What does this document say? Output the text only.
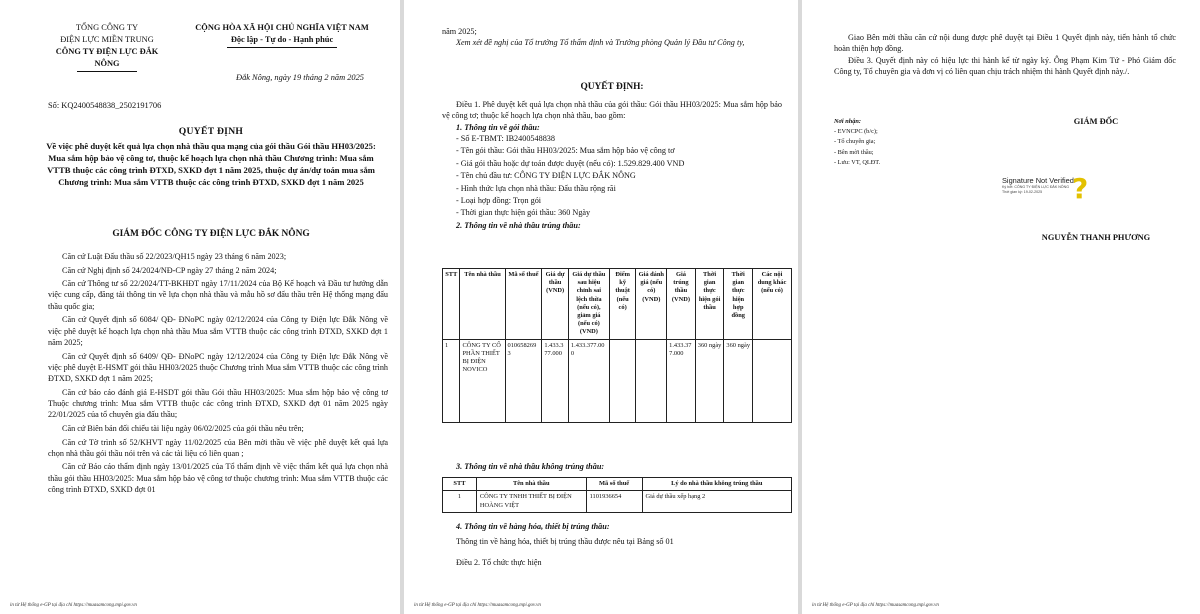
TỔNG CÔNG TY
ĐIỆN LỰC MIỀN TRUNG
CÔNG TY ĐIỆN LỰC ĐẮK
NÔNG
CỘNG HÒA XÃ HỘI CHỦ NGHĨA VIỆT NAM
Độc lập - Tự do - Hạnh phúc
Đắk Nông, ngày 19 tháng 2 năm 2025
Số: KQ2400548838_2502191706
QUYẾT ĐỊNH
Về việc phê duyệt kết quả lựa chọn nhà thầu qua mạng của gói thầu Gói thầu HH03/2025: Mua sắm hộp bảo vệ công tơ, thuộc kế hoạch lựa chọn nhà thầu Chương trình: Mua sắm VTTB thuộc các công trình ĐTXD, SXKD đợt 1 năm 2025, thuộc dự án/dự toán mua sắm Chương trình: Mua sắm VTTB thuộc các công trình ĐTXD, SXKD đợt 1 năm 2025
GIÁM ĐỐC CÔNG TY ĐIỆN LỰC ĐẮK NÔNG

Căn cứ Luật Đấu thầu số 22/2023/QH15 ngày 23 tháng 6 năm 2023;

Căn cứ Nghị định số 24/2024/NĐ-CP ngày 27 tháng 2 năm 2024;

Căn cứ Thông tư số 22/2024/TT-BKHĐT ngày 17/11/2024 của Bộ Kế hoạch và Đầu tư hướng dẫn việc cung cấp, đăng tải thông tin về lựa chọn nhà thầu và mẫu hồ sơ đấu thầu trên Hệ thống mạng đấu thầu quốc gia;

Căn cứ Quyết định số 6084/ QĐ- ĐNoPC ngày 02/12/2024 của Công ty Điện lực Đắk Nông về việc phê duyệt kế hoạch lựa chọn nhà thầu Mua sắm VTTB thuộc các công trình ĐTXD, SXKD đợt 1 năm 2025;

Căn cứ Quyết định số 6409/ QĐ- ĐNoPC ngày 12/12/2024 của Công ty Điện lực Đắk Nông về việc phê duyệt E-HSMT gói thầu HH03/2025 thuộc Chương trình Mua sắm VTTB thuộc các công trình ĐTXD, SXKD đợt 1 năm 2025;

Căn cứ báo cáo đánh giá E-HSDT gói thầu Gói thầu HH03/2025: Mua sắm hộp bảo vệ công tơ Thuộc chương trình: Mua sắm VTTB thuộc các công trình ĐTXD, SXKD đợt 01 năm 2025 ngày 22/01/2025 của tổ chuyên gia đấu thầu;

Căn cứ Biên bản đối chiếu tài liệu ngày 06/02/2025 của gói thầu nêu trên;

Căn cứ Tờ trình số 52/KHVT ngày 11/02/2025 của Bên mời thầu về việc phê duyệt kết quả lựa chọn nhà thầu gói thầu nói trên và các tài liệu có liên quan ;

Căn cứ Báo cáo thẩm định ngày 13/01/2025 của Tổ thẩm định về việc thẩm kết quả lựa chọn nhà thầu gói thầu HH03/2025: Mua sắm hộp bảo vệ công tơ thuộc chương trình: Mua sắm VTTB thuộc các công trình ĐTXD, SXKD đợt 01

in từ Hệ thống e-GP tại địa chỉ https://muasamcong.mpi.gov.vn

năm 2025;

Xem xét đề nghị của Tổ trưởng Tổ thẩm định và Trưởng phòng Quản lý Đầu tư Công ty,

QUYẾT ĐỊNH:

Điều 1. Phê duyệt kết quả lựa chọn nhà thầu của gói thầu: Gói thầu HH03/2025: Mua sắm hộp bảo vệ công tơ; thuộc kế hoạch lựa chọn nhà thầu, bao gồm:

1. Thông tin về gói thầu:

- Số E-TBMT: IB2400548838

- Tên gói thầu: Gói thầu HH03/2025: Mua sắm hộp bảo vệ công tơ

- Giá gói thầu hoặc dự toán được duyệt (nếu có): 1.529.829.400 VND

- Tên chủ đầu tư: CÔNG TY ĐIỆN LỰC ĐẮK NÔNG

- Hình thức lựa chọn nhà thầu: Đấu thầu rộng rãi

- Loại hợp đồng: Trọn gói

- Thời gian thực hiện gói thầu: 360 Ngày

2. Thông tin về nhà thầu trúng thầu:

STT	Tên nhà thầu	Mã số thuế	Giá dự thầu (VND)	Giá dự thầu sau hiệu chỉnh sai lệch thừa (nếu có), giảm giá (nếu có) (VND)	Điểm kỹ thuật (nếu có)	Giá đánh giá (nếu có) (VND)	Giá trúng thầu (VND)	Thời gian thực hiện gói thầu	Thời gian thực hiện hợp đồng	Các nội dung khác (nếu có)
1	CÔNG TY CỔ PHẦN THIẾT BỊ ĐIỆN NOVICO	0106582693	1.433.377.000	1.433.377.000			1.433.377.000	360 ngày	360 ngày	
3. Thông tin về nhà thầu không trúng thầu:
STT	Tên nhà thầu	Mã số thuế	Lý do nhà thầu không trúng thầu
1	CÔNG TY TNHH THIẾT BỊ ĐIỆN HOÀNG VIỆT	1101936654	Giá dự thầu xếp hạng 2
4. Thông tin về hàng hóa, thiết bị trúng thầu:
Thông tin về hàng hóa, thiết bị trúng thầu được nêu tại Bảng số 01
Điều 2. Tổ chức thực hiện
in từ Hệ thống e-GP tại địa chỉ https://muasamcong.mpi.gov.vn

Giao Bên mời thầu căn cứ nội dung được phê duyệt tại Điều 1 Quyết định này, tiến hành tổ chức hoàn thiện hợp đồng.

Điều 3. Quyết định này có hiệu lực thi hành kể từ ngày ký. Ông Phạm Kim Tứ - Phó Giám đốc Công ty, Tổ chuyên gia và đơn vị có liên quan chịu trách nhiệm thi hành Quyết định này./.

Nơi nhận:
- EVNCPC (b/c);
- Tổ chuyên gia;
- Bên mời thầu;
- Lưu: VT, QLĐT.
GIÁM ĐỐC
Signature Not Verified
Ký bởi: CÔNG TY ĐIỆN LỰC ĐẮK NÔNG
Thời gian ký: 19-02-2025	?
NGUYỄN THANH PHƯƠNG
in từ Hệ thống e-GP tại địa chỉ https://muasamcong.mpi.gov.vn
